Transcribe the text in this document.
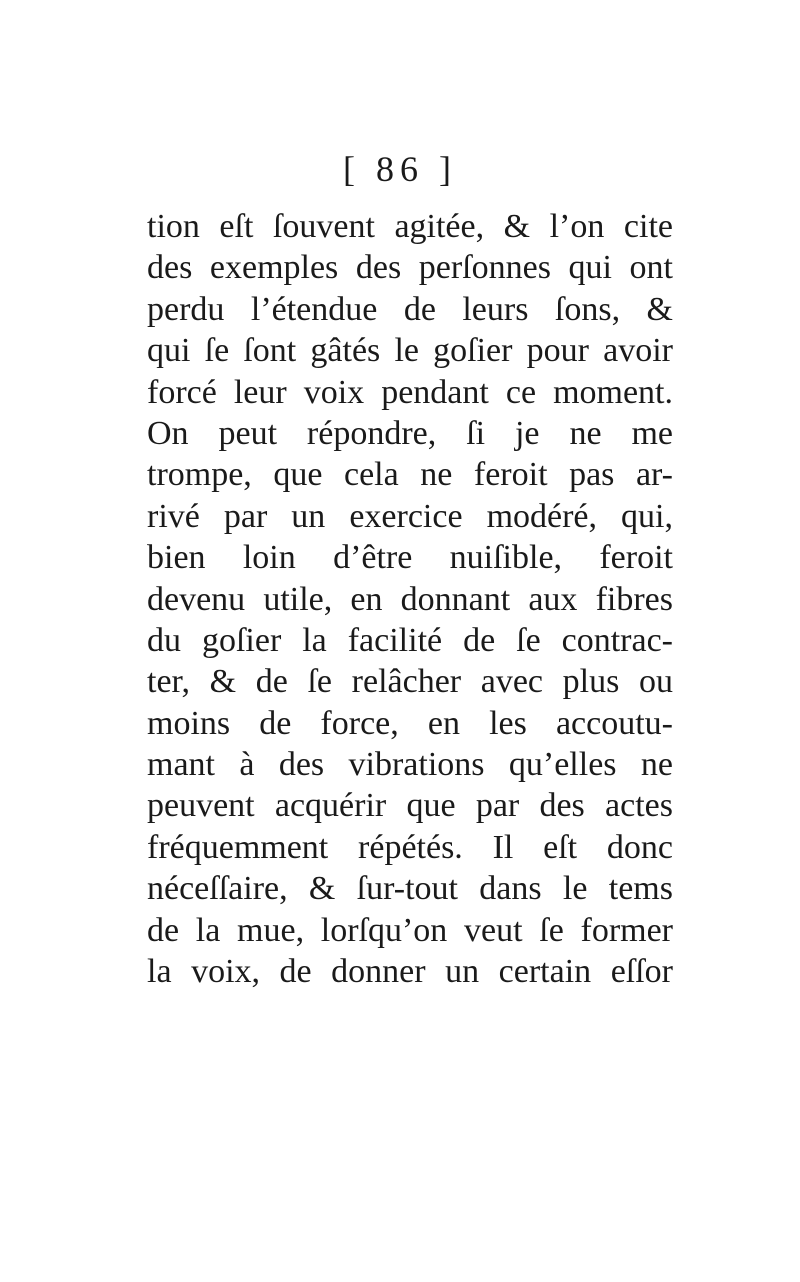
[ 86 ]
tion eſt ſouvent agitée, & l’on cite
des exemples des perſonnes qui ont
perdu l’étendue de leurs ſons, &
qui ſe ſont gâtés le goſier pour avoir
forcé leur voix pendant ce moment.
On peut répondre, ſi je ne me
trompe, que cela ne feroit pas ar-
rivé par un exercice modéré, qui,
bien loin d’être nuiſible, feroit
devenu utile, en donnant aux fibres
du goſier la facilité de ſe contrac-
ter, & de ſe relâcher avec plus ou
moins de force, en les accoutu-
mant à des vibrations qu’elles ne
peuvent acquérir que par des actes
fréquemment répétés. Il eſt donc
néceſſaire, & ſur-tout dans le tems
de la mue, lorſqu’on veut ſe former
la voix, de donner un certain eſſor
